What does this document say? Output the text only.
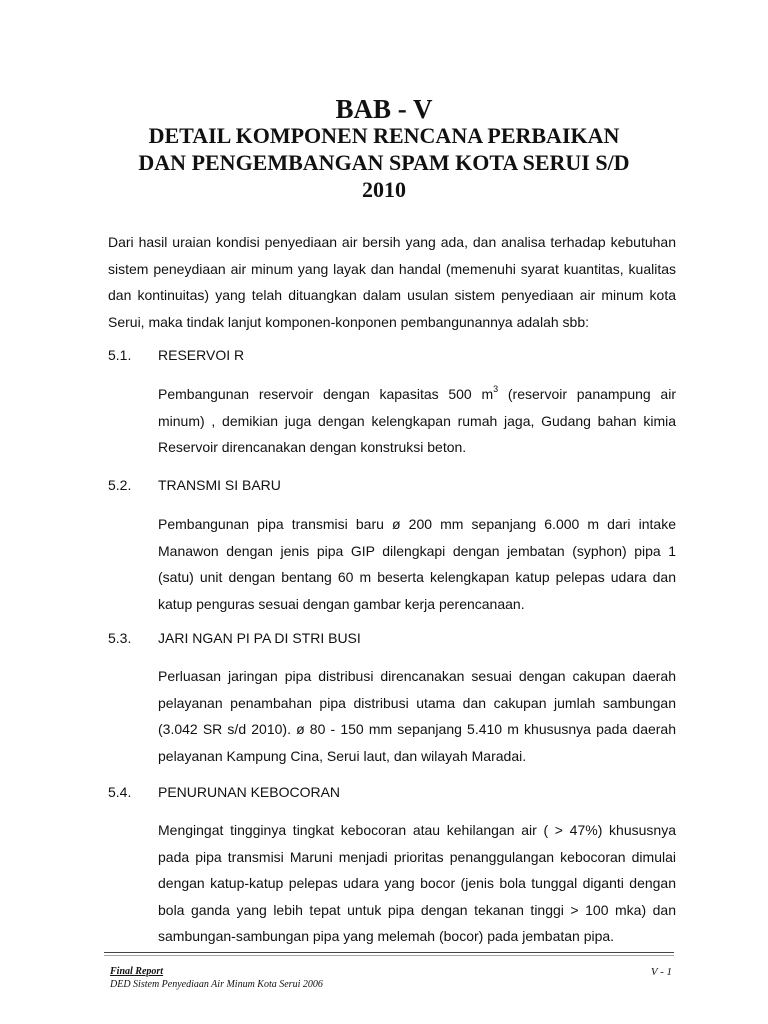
BAB - V
DETAIL KOMPONEN RENCANA PERBAIKAN
DAN PENGEMBANGAN SPAM KOTA SERUI S/D
2010
Dari hasil uraian kondisi penyediaan air bersih yang ada, dan analisa terhadap kebutuhan sistem peneydiaan air minum yang layak dan handal (memenuhi syarat kuantitas, kualitas dan kontinuitas) yang telah dituangkan dalam usulan sistem penyediaan air minum kota Serui, maka tindak lanjut komponen-konponen pembangunannya adalah sbb:
5.1. RESERVOI R
Pembangunan reservoir dengan kapasitas 500 $m^3$ (reservoir panampung air minum) , demikian juga dengan kelengkapan rumah jaga, Gudang bahan kimia Reservoir direncanakan dengan konstruksi beton.
5.2. TRANSMI SI BARU
Pembangunan pipa transmisi baru ø 200 mm sepanjang 6.000 m dari intake Manawon dengan jenis pipa GIP dilengkapi dengan jembatan (syphon) pipa 1 (satu) unit dengan bentang 60 m beserta kelengkapan katup pelepas udara dan katup penguras sesuai dengan gambar kerja perencanaan.
5.3. JARI NGAN PI PA DI STRI BUSI
Perluasan jaringan pipa distribusi direncanakan sesuai dengan cakupan daerah pelayanan penambahan pipa distribusi utama dan cakupan jumlah sambungan (3.042 SR s/d 2010). ø 80 - 150 mm sepanjang 5.410 m khususnya pada daerah pelayanan Kampung Cina, Serui laut, dan wilayah Maradai.
5.4. PENURUNAN KEBOCORAN
Mengingat tingginya tingkat kebocoran atau kehilangan air ( > 47%) khususnya pada pipa transmisi Maruni menjadi prioritas penanggulangan kebocoran dimulai dengan katup-katup pelepas udara yang bocor (jenis bola tunggal diganti dengan bola ganda yang lebih tepat untuk pipa dengan tekanan tinggi > 100 mka) dan sambungan-sambungan pipa yang melemah (bocor) pada jembatan pipa.
Final Report
DED Sistem Penyediaan Air Minum Kota Serui 2006
V - 1
